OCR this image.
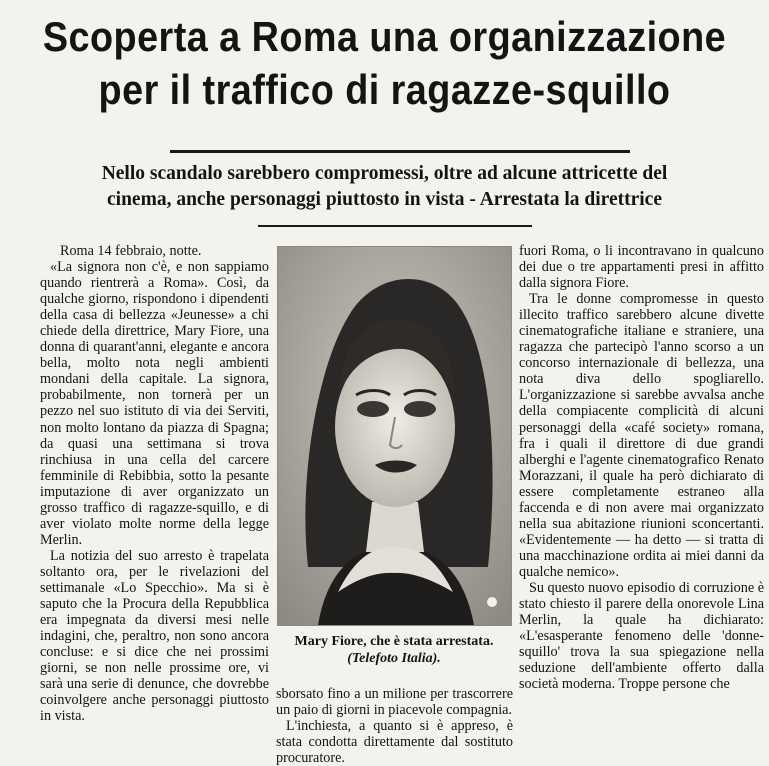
Scoperta a Roma una organizzazione
per il traffico di ragazze-squillo
Nello scandalo sarebbero compromessi, oltre ad alcune attricette del
cinema, anche personaggi piuttosto in vista - Arrestata la direttrice

Roma 14 febbraio, notte.

«La signora non c'è, e non sappiamo quando rientrerà a Roma». Così, da qualche giorno, rispondono i dipendenti della casa di bellezza «Jeunesse» a chi chiede della direttrice, Mary Fiore, una donna di quarant'anni, elegante e ancora bella, molto nota negli ambienti mondani della capitale. La signora, probabilmente, non tornerà per un pezzo nel suo istituto di via dei Serviti, non molto lontano da piazza di Spagna; da quasi una settimana si trova rinchiusa in una cella del carcere femminile di Rebibbia, sotto la pesante imputazione di aver organizzato un grosso traffico di ragazze-squillo, e di aver violato molte norme della legge Merlin.

La notizia del suo arresto è trapelata soltanto ora, per le rivelazioni del settimanale «Lo Specchio». Ma si è saputo che la Procura della Repubblica era impegnata da diversi mesi nelle indagini, che, peraltro, non sono ancora concluse: e si dice che nei prossimi giorni, se non nelle prossime ore, vi sarà una serie di denunce, che dovrebbe coinvolgere anche personaggi piuttosto in vista.

Mary Fiore, che è stata arrestata. (Telefoto Italia).

sborsato fino a un milione per trascorrere un paio di giorni in piacevole compagnia.

L'inchiesta, a quanto si è appreso, è stata condotta direttamente dal sostituto procuratore.

fuori Roma, o li incontravano in qualcuno dei due o tre appartamenti presi in affitto dalla signora Fiore.

Tra le donne compromesse in questo illecito traffico sarebbero alcune divette cinematografiche italiane e straniere, una ragazza che partecipò l'anno scorso a un concorso internazionale di bellezza, una nota diva dello spogliarello. L'organizzazione si sarebbe avvalsa anche della compiacente complicità di alcuni personaggi della «café society» romana, fra i quali il direttore di due grandi alberghi e l'agente cinematografico Renato Morazzani, il quale ha però dichiarato di essere completamente estraneo alla faccenda e di non avere mai organizzato nella sua abitazione riunioni sconcertanti. «Evidentemente — ha detto — si tratta di una macchinazione ordita ai miei danni da qualche nemico».

Su questo nuovo episodio di corruzione è stato chiesto il parere della onorevole Lina Merlin, la quale ha dichiarato: «L'esasperante fenomeno delle 'donne-squillo' trova la sua spiegazione nella seduzione dell'ambiente offerto dalla società moderna. Troppe persone che
